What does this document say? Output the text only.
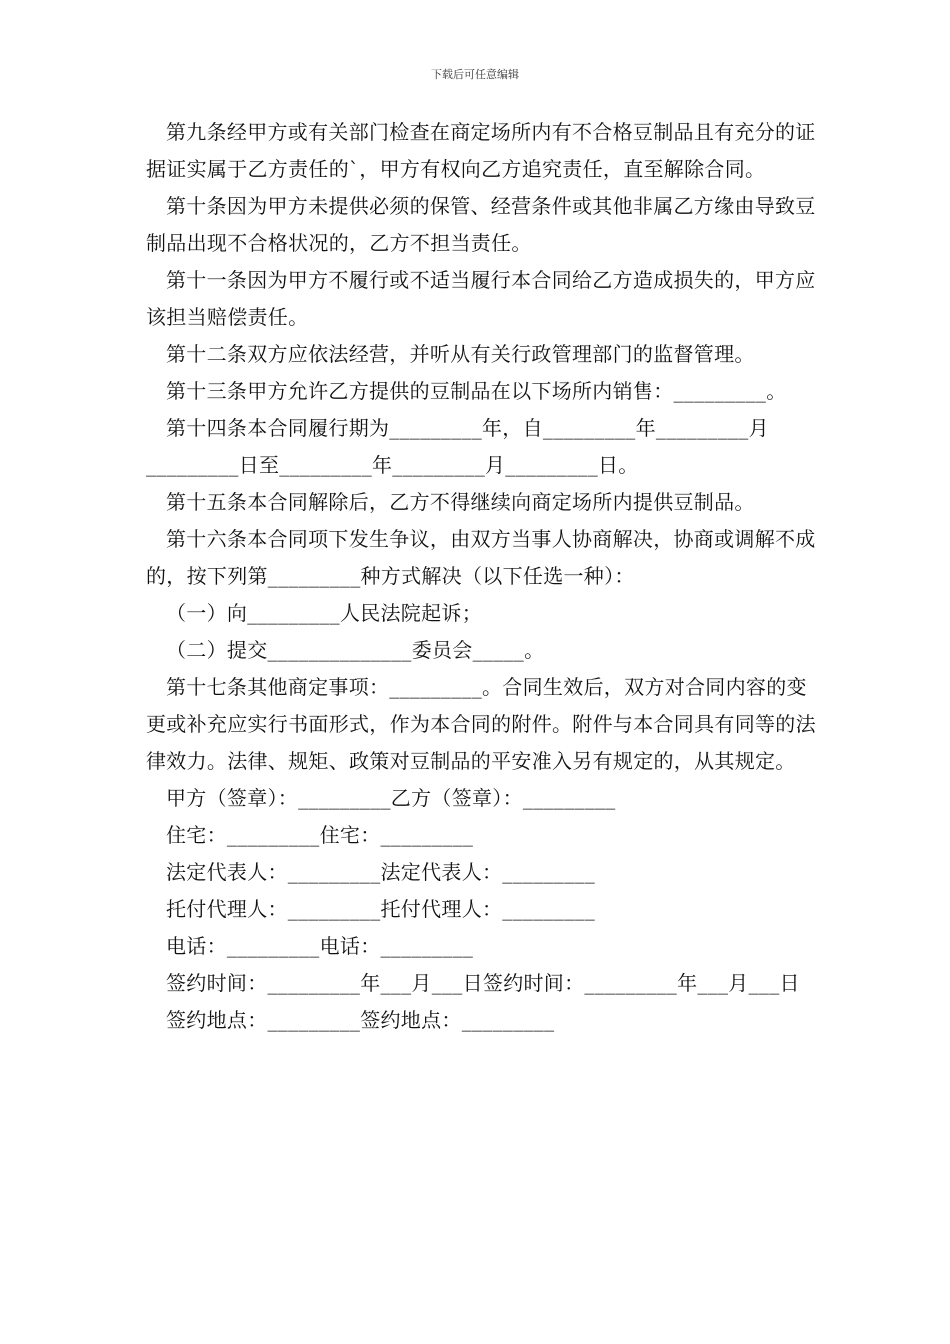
下载后可任意编辑

第九条经甲方或有关部门检查在商定场所内有不合格豆制品且有充分的证据证实属于乙方责任的`，甲方有权向乙方追究责任，直至解除合同。

第十条因为甲方未提供必须的保管、经营条件或其他非属乙方缘由导致豆制品出现不合格状况的，乙方不担当责任。

第十一条因为甲方不履行或不适当履行本合同给乙方造成损失的，甲方应该担当赔偿责任。

第十二条双方应依法经营，并听从有关行政管理部门的监督管理。

第十三条甲方允许乙方提供的豆制品在以下场所内销售：_________。

第十四条本合同履行期为_________年，自_________年_________月_________日至_________年_________月_________日。

第十五条本合同解除后，乙方不得继续向商定场所内提供豆制品。

第十六条本合同项下发生争议，由双方当事人协商解决，协商或调解不成的，按下列第_________种方式解决（以下任选一种）：

（一）向_________人民法院起诉；

（二）提交______________委员会_____。

第十七条其他商定事项：_________。合同生效后，双方对合同内容的变更或补充应实行书面形式，作为本合同的附件。附件与本合同具有同等的法律效力。法律、规矩、政策对豆制品的平安准入另有规定的，从其规定。

甲方（签章）：_________乙方（签章）：_________

住宅：_________住宅：_________

法定代表人：_________法定代表人：_________

托付代理人：_________托付代理人：_________

电话：_________电话：_________

签约时间：_________年___月___日签约时间：_________年___月___日

签约地点：_________签约地点：_________
